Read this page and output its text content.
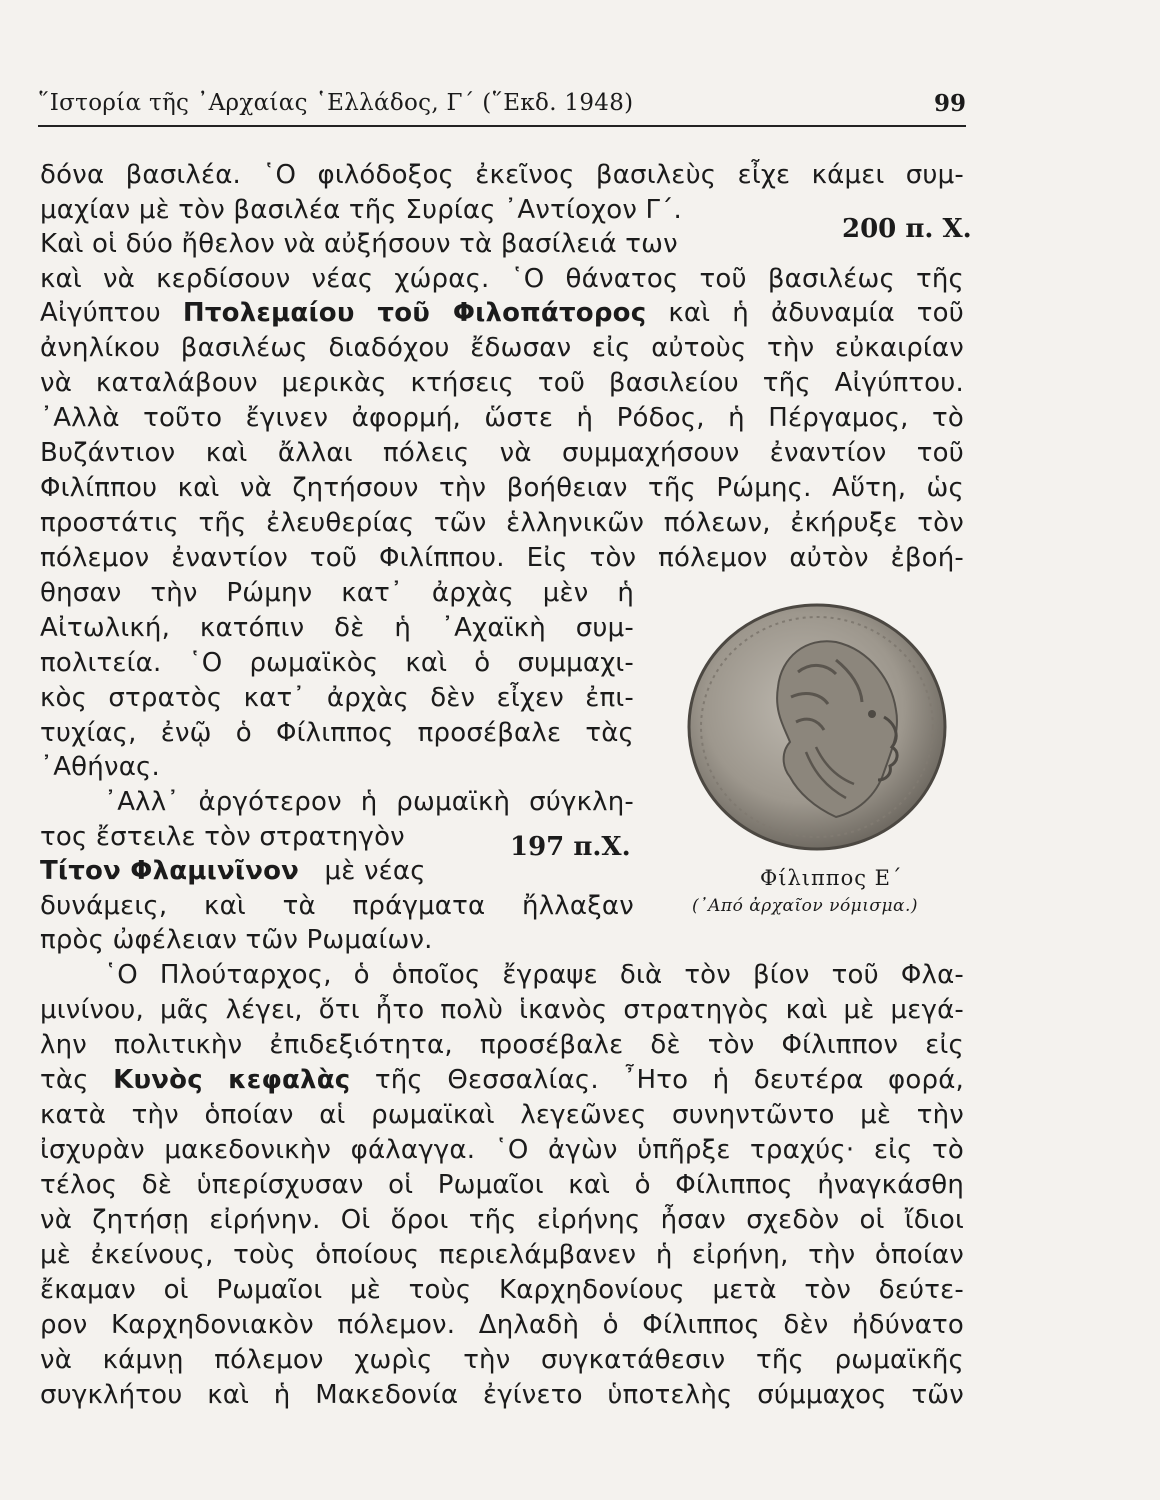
῞Ιστορία τῆς ᾽Αρχαίας ῾Ελλάδος, Γ΄ (῞Εκδ. 1948)	99
δόνα βασιλέα. ῾Ο φιλόδοξος ἐκεῖνος βασιλεὺς εἶχε κάμει συμ-
μαχίαν μὲ τὸν βασιλέα τῆς Συρίας ᾽Αντίοχον Γ΄.
Καὶ οἱ δύο ἤθελον νὰ αὐξήσουν τὰ βασίλειά των
καὶ νὰ κερδίσουν νέας χώρας. ῾Ο θάνατος τοῦ βασιλέως τῆς
Αἰγύπτου Πτολεμαίου τοῦ Φιλοπάτορος καὶ ἡ ἀδυναμία τοῦ
ἀνηλίκου βασιλέως διαδόχου ἔδωσαν εἰς αὐτοὺς τὴν εὐκαιρίαν
νὰ καταλάβουν μερικὰς κτήσεις τοῦ βασιλείου τῆς Αἰγύπτου.
᾽Αλλὰ τοῦτο ἔγινεν ἀφορμή, ὥστε ἡ Ρόδος, ἡ Πέργαμος, τὸ
Βυζάντιον καὶ ἄλλαι πόλεις νὰ συμμαχήσουν ἐναντίον τοῦ
Φιλίππου καὶ νὰ ζητήσουν τὴν βοήθειαν τῆς Ρώμης. Αὕτη, ὡς
προστάτις τῆς ἐλευθερίας τῶν ἑλληνικῶν πόλεων, ἐκήρυξε τὸν
πόλεμον ἐναντίον τοῦ Φιλίππου. Εἰς τὸν πόλεμον αὐτὸν ἐβοή-
θησαν τὴν Ρώμην κατ᾽ ἀρχὰς μὲν ἡ
Αἰτωλική, κατόπιν δὲ ἡ ᾽Αχαϊκὴ συμ-
πολιτεία. ῾Ο ρωμαϊκὸς καὶ ὁ συμμαχι-
κὸς στρατὸς κατ᾽ ἀρχὰς δὲν εἶχεν ἐπι-
τυχίας, ἐνῷ ὁ Φίλιππος προσέβαλε τὰς
᾽Αθήνας.
᾽Αλλ᾽ ἀργότερον ἡ ρωμαϊκὴ σύγκλη-
τος ἔστειλε τὸν στρατηγὸν
Τίτον Φλαμινῖνον μὲ νέας
δυνάμεις, καὶ τὰ πράγματα ἤλλαξαν
πρὸς ὠφέλειαν τῶν Ρωμαίων.
῾Ο Πλούταρχος, ὁ ὁποῖος ἔγραψε διὰ τὸν βίον τοῦ Φλα-
μινίνου, μᾶς λέγει, ὅτι ἦτο πολὺ ἱκανὸς στρατηγὸς καὶ μὲ μεγά-
λην πολιτικὴν ἐπιδεξιότητα, προσέβαλε δὲ τὸν Φίλιππον εἰς
τὰς Κυνὸς κεφαλὰς τῆς Θεσσαλίας. ῏Ητο ἡ δευτέρα φορά,
κατὰ τὴν ὁποίαν αἱ ρωμαϊκαὶ λεγεῶνες συνηντῶντο μὲ τὴν
ἰσχυρὰν μακεδονικὴν φάλαγγα. ῾Ο ἀγὼν ὑπῆρξε τραχύς· εἰς τὸ
τέλος δὲ ὑπερίσχυσαν οἱ Ρωμαῖοι καὶ ὁ Φίλιππος ἠναγκάσθη
νὰ ζητήσῃ εἰρήνην. Οἱ ὅροι τῆς εἰρήνης ἦσαν σχεδὸν οἱ ἴδιοι
μὲ ἐκείνους, τοὺς ὁποίους περιελάμβανεν ἡ εἰρήνη, τὴν ὁποίαν
ἔκαμαν οἱ Ρωμαῖοι μὲ τοὺς Καρχηδονίους μετὰ τὸν δεύτε-
ρον Καρχηδονιακὸν πόλεμον. Δηλαδὴ ὁ Φίλιππος δὲν ἠδύνατο
νὰ κάμνῃ πόλεμον χωρὶς τὴν συγκατάθεσιν τῆς ρωμαϊκῆς
συγκλήτου καὶ ἡ Μακεδονία ἐγίνετο ὑποτελὴς σύμμαχος τῶν
200 π. Χ.
197 π.Χ.
Φίλιππος Ε΄
(᾽Από ἀρχαῖον νόμισμα.)
